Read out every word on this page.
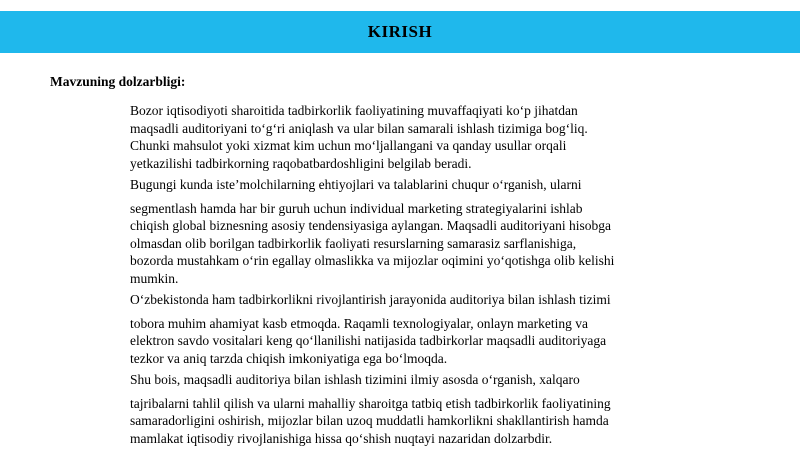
KIRISH
Mavzuning dolzarbligi:

Bozor iqtisodiyoti sharoitida tadbirkorlik faoliyatining muvaffaqiyati koʻp jihatdan
maqsadli auditoriyani toʻgʻri aniqlash va ular bilan samarali ishlash tizimiga bogʻliq.
Chunki mahsulot yoki xizmat kim uchun moʻljallangani va qanday usullar orqali
yetkazilishi tadbirkorning raqobatbardoshligini belgilab beradi.

Bugungi kunda isteʼmolchilarning ehtiyojlari va talablarini chuqur oʻrganish, ularni
segmentlash hamda har bir guruh uchun individual marketing strategiyalarini ishlab
chiqish global biznesning asosiy tendensiyasiga aylangan. Maqsadli auditoriyani hisobga
olmasdan olib borilgan tadbirkorlik faoliyati resurslarning samarasiz sarflanishiga,
bozorda mustahkam oʻrin egallay olmaslikka va mijozlar oqimini yoʻqotishga olib kelishi
mumkin.

Oʻzbekistonda ham tadbirkorlikni rivojlantirish jarayonida auditoriya bilan ishlash tizimi
tobora muhim ahamiyat kasb etmoqda. Raqamli texnologiyalar, onlayn marketing va
elektron savdo vositalari keng qoʻllanilishi natijasida tadbirkorlar maqsadli auditoriyaga
tezkor va aniq tarzda chiqish imkoniyatiga ega boʻlmoqda.

Shu bois, maqsadli auditoriya bilan ishlash tizimini ilmiy asosda oʻrganish, xalqaro
tajribalarni tahlil qilish va ularni mahalliy sharoitga tatbiq etish tadbirkorlik faoliyatining
samaradorligini oshirish, mijozlar bilan uzoq muddatli hamkorlikni shakllantirish hamda
mamlakat iqtisodiy rivojlanishiga hissa qoʻshish nuqtayi nazaridan dolzarbdir.
